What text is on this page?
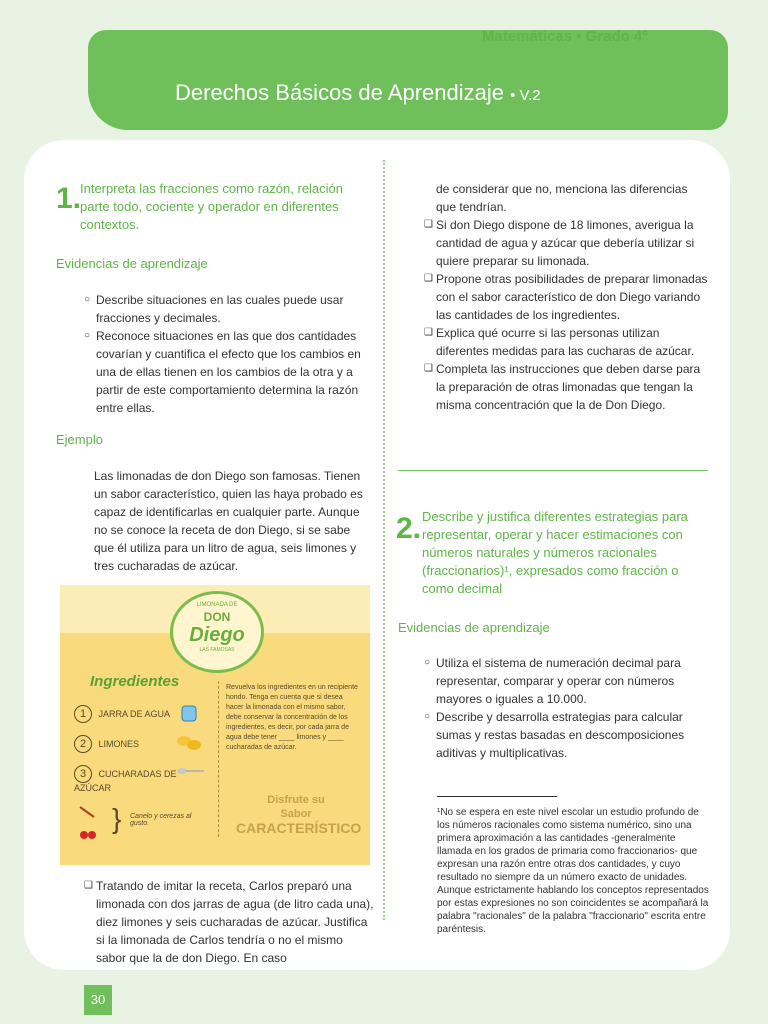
Matemáticas • Grado 4º
Derechos Básicos de Aprendizaje • V.2
1.
Interpreta las fracciones como razón, relación parte todo, cociente y operador en diferentes contextos.
Evidencias de aprendizaje
○ Describe situaciones en las cuales puede usar fracciones y decimales.
○ Reconoce situaciones en las que dos cantidades covarían y cuantifica el efecto que los cambios en una de ellas tienen en los cambios de la otra y a partir de este comportamiento determina la razón entre ellas.
Ejemplo
Las limonadas de don Diego son famosas. Tienen un sabor característico, quien las haya probado es capaz de identificarlas en cualquier parte. Aunque no se conoce la receta de don Diego, si se sabe que él utiliza para un litro de agua, seis limones y tres cucharadas de azúcar.
LIMONADA DE
DON
Diego
LAS FAMOSAS
Ingredientes
1 JARRA DE AGUA
2 LIMONES
3 CUCHARADAS DE AZÚCAR
Revuelva los ingredientes en un recipiente hondo. Tenga en cuenta que si desea hacer la limonada con el mismo sabor, debe conservar la concentración de los ingredientes, es decir, por cada jarra de agua debe tener ____ limones y ____ cucharadas de azúcar.
} Canelo y cerezas al gusto.
Disfrute su
Sabor
CARACTERÍSTICO
❑ Tratando de imitar la receta, Carlos preparó una limonada con dos jarras de agua (de litro cada una), diez limones y seis cucharadas de azúcar. Justifica si la limonada de Carlos tendría o no el mismo sabor que la de don Diego. En caso
de considerar que no, menciona las diferencias que tendrían.
❑ Si don Diego dispone de 18 limones, averigua la cantidad de agua y azúcar que debería utilizar si quiere preparar su limonada.
❑ Propone otras posibilidades de preparar limonadas con el sabor característico de don Diego variando las cantidades de los ingredientes.
❑ Explica qué ocurre si las personas utilizan diferentes medidas para las cucharas de azúcar.
❑ Completa las instrucciones que deben darse para la preparación de otras limonadas que tengan la misma concentración que la de Don Diego.
2. Describe y justifica diferentes estrategias para representar, operar y hacer estimaciones con números naturales y números racionales (fraccionarios)¹, expresados como fracción o como decimal
Evidencias de aprendizaje
○ Utiliza el sistema de numeración decimal para representar, comparar y operar con números mayores o iguales a 10.000.
○ Describe y desarrolla estrategias para calcular sumas y restas basadas en descomposiciones aditivas y multiplicativas.
¹No se espera en este nivel escolar un estudio profundo de los números racionales como sistema numérico, sino una primera aproximación a las cantidades -generalmente llamada en los grados de primaria como fraccionarios- que expresan una razón entre otras dos cantidades, y cuyo resultado no siempre da un número exacto de unidades. Aunque estrictamente hablando los conceptos representados por estas expresiones no son coincidentes se acompañará la palabra "racionales" de la palabra "fraccionario" escrita entre paréntesis.
30
